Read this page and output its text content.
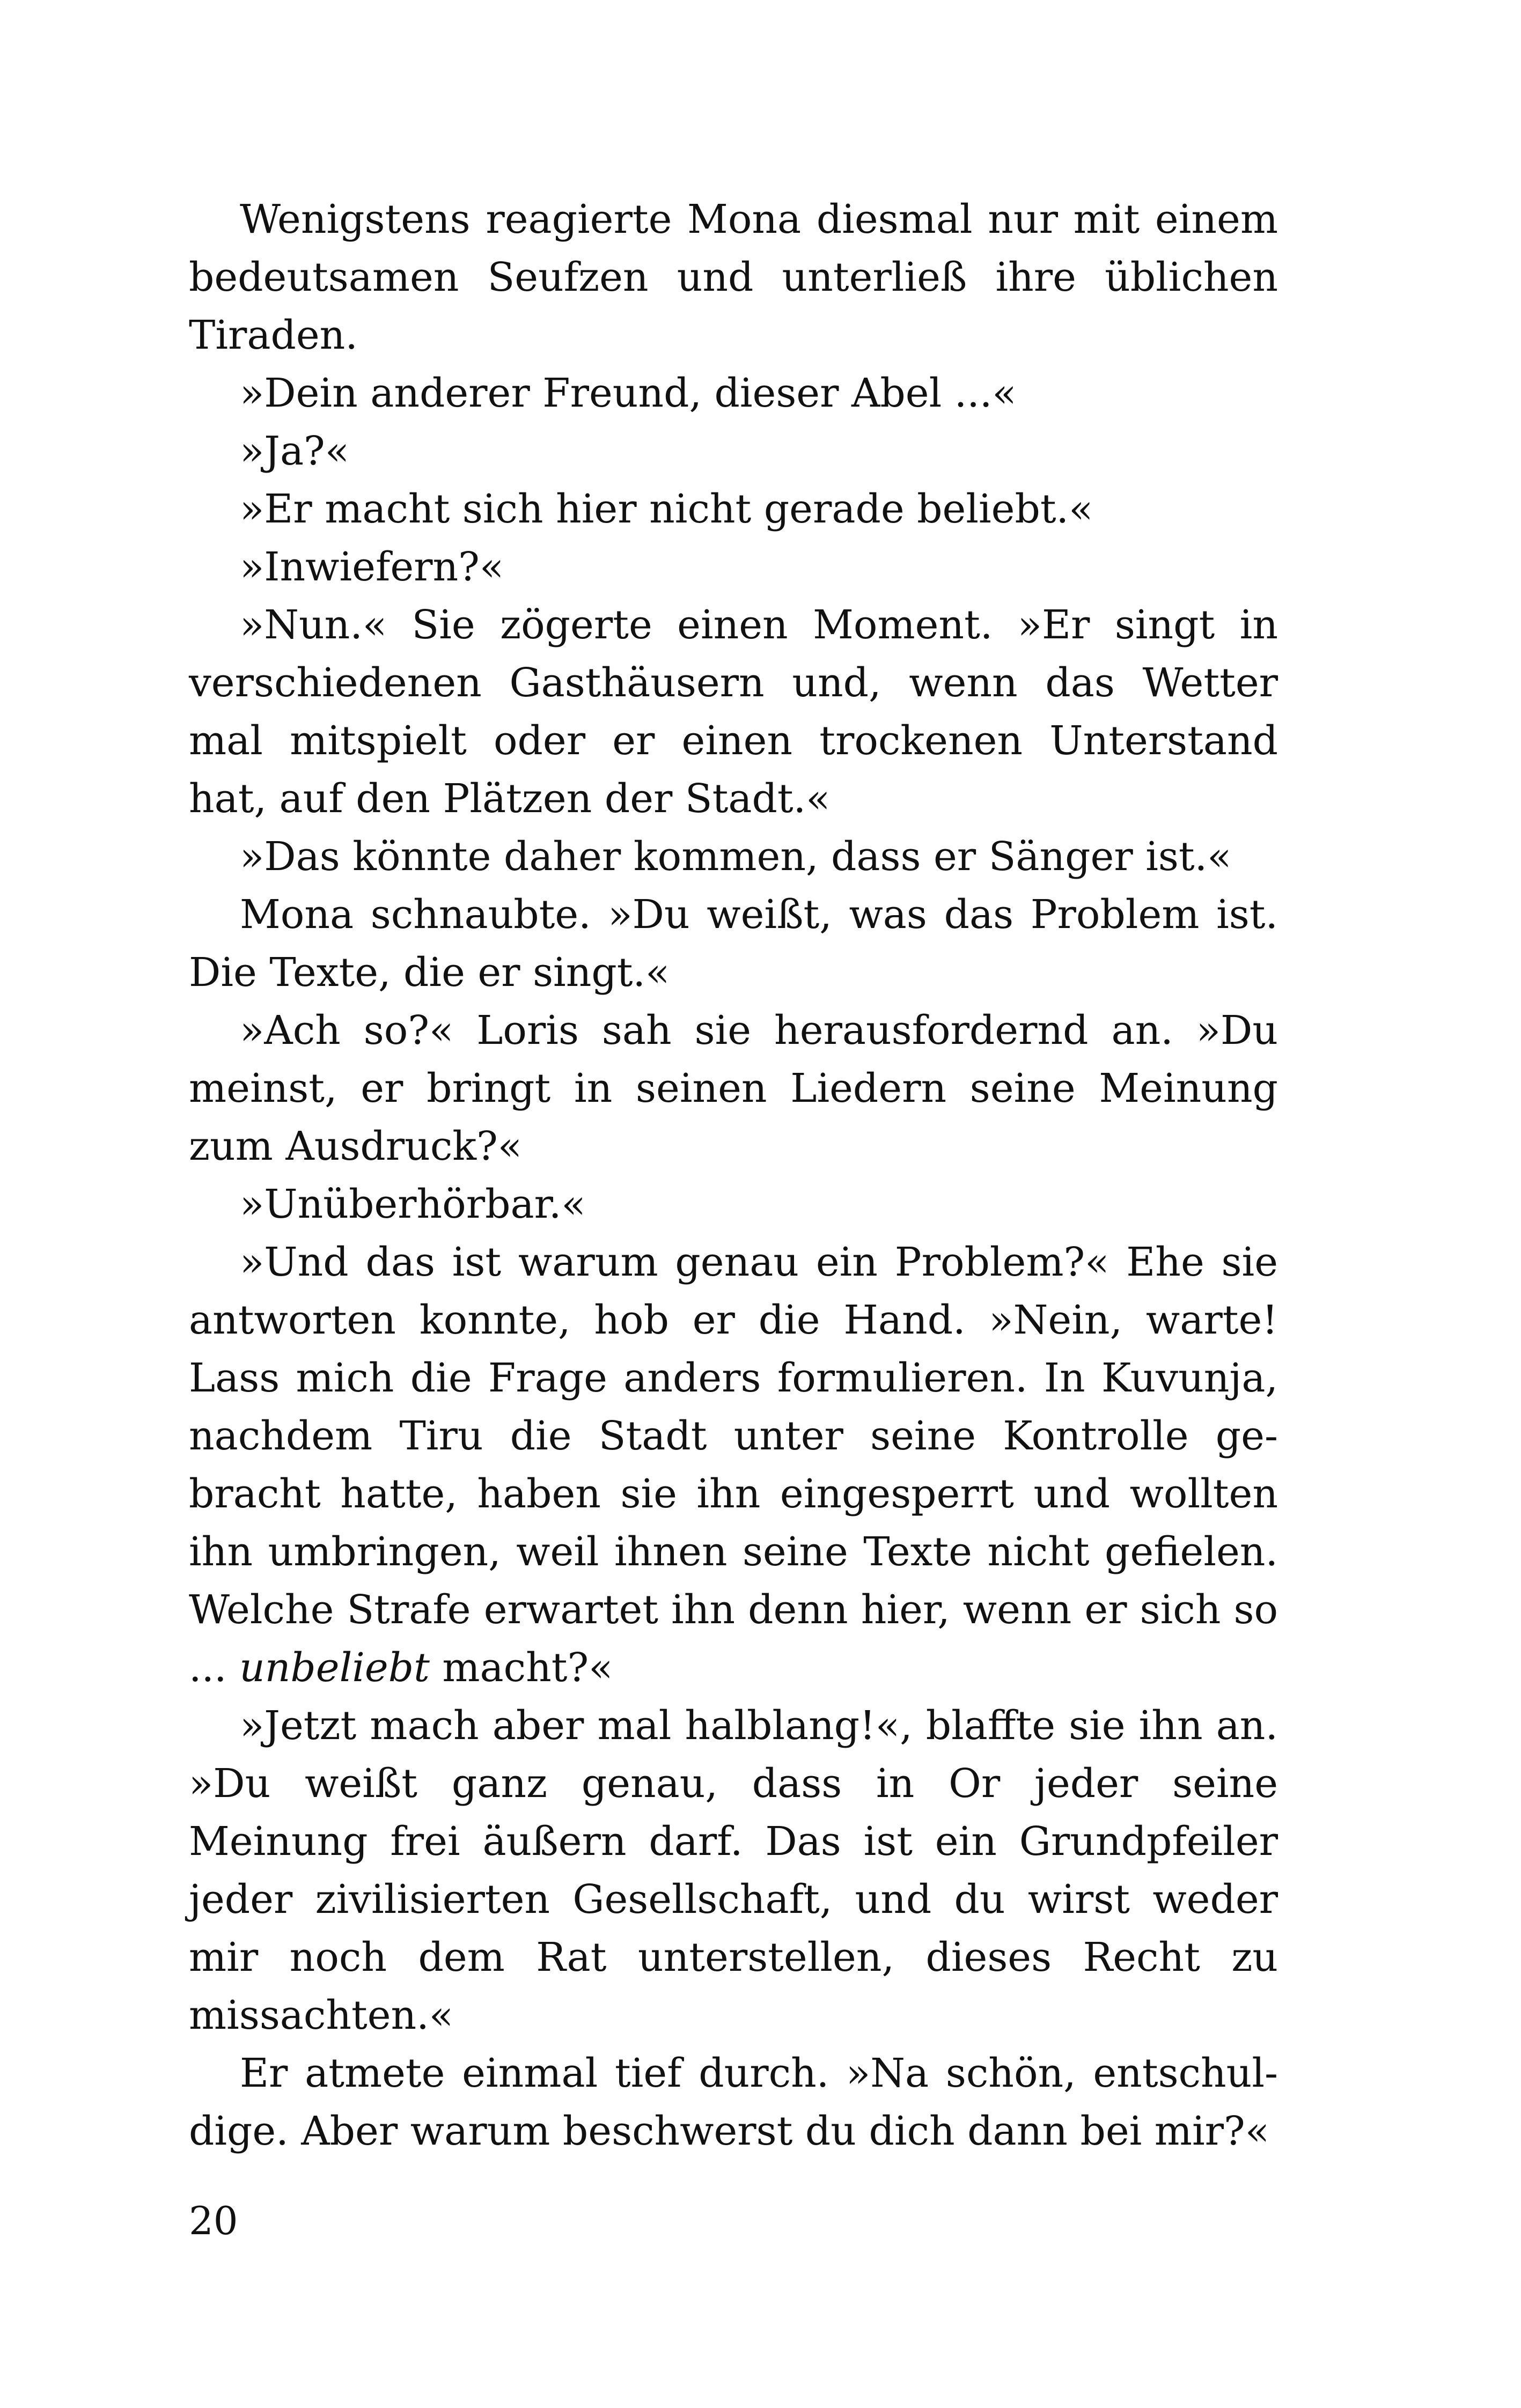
Wenigstens reagierte Mona diesmal nur mit einem bedeutsamen Seufzen und unterließ ihre üblichen Tiraden.

»Dein anderer Freund, dieser Abel ...«

»Ja?«

»Er macht sich hier nicht gerade beliebt.«

»Inwiefern?«

»Nun.« Sie zögerte einen Moment. »Er singt in verschiedenen Gasthäusern und, wenn das Wetter mal mitspielt oder er einen trockenen Unterstand hat, auf den Plätzen der Stadt.«

»Das könnte daher kommen, dass er Sänger ist.«

Mona schnaubte. »Du weißt, was das Problem ist. Die Texte, die er singt.«

»Ach so?« Loris sah sie herausfordernd an. »Du meinst, er bringt in seinen Liedern seine Meinung zum Ausdruck?«

»Unüberhörbar.«

»Und das ist warum genau ein Problem?« Ehe sie antworten konnte, hob er die Hand. »Nein, warte! Lass mich die Frage anders formulieren. In Kuvunja, nachdem Tiru die Stadt unter seine Kontrolle gebracht hatte, haben sie ihn eingesperrt und wollten ihn umbringen, weil ihnen seine Texte nicht gefielen. Welche Strafe erwartet ihn denn hier, wenn er sich so ... unbeliebt macht?«

»Jetzt mach aber mal halblang!«, blaffte sie ihn an. »Du weißt ganz genau, dass in Or jeder seine Meinung frei äußern darf. Das ist ein Grundpfeiler jeder zivilisierten Gesellschaft, und du wirst weder mir noch dem Rat unterstellen, dieses Recht zu missachten.«

Er atmete einmal tief durch. »Na schön, entschuldige. Aber warum beschwerst du dich dann bei mir?«

20
